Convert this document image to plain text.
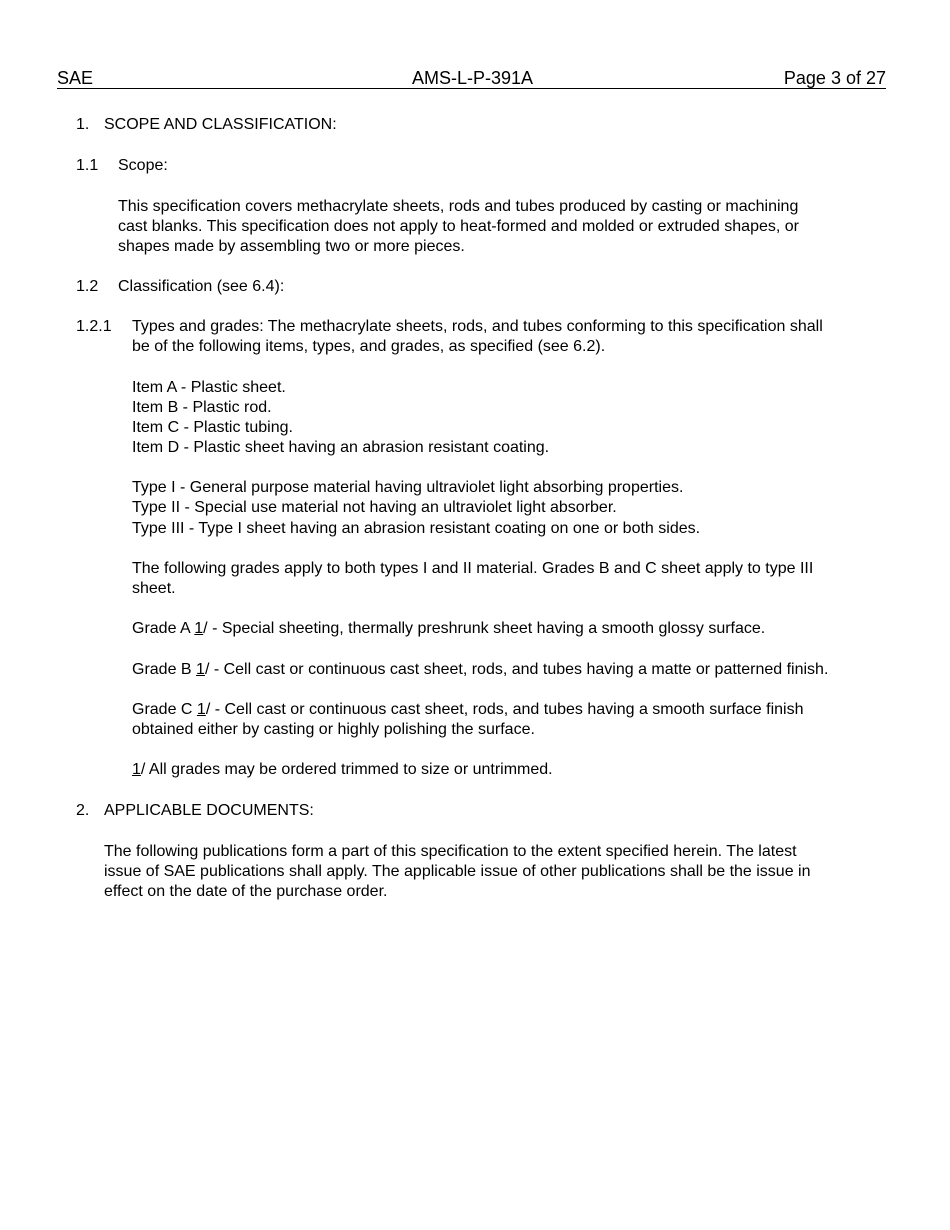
SAE	AMS-L-P-391A	Page 3 of 27
1. SCOPE AND CLASSIFICATION:
1.1 Scope:
This specification covers methacrylate sheets, rods and tubes produced by casting or machining
cast blanks. This specification does not apply to heat-formed and molded or extruded shapes, or
shapes made by assembling two or more pieces.
1.2 Classification (see 6.4):
1.2.1 Types and grades: The methacrylate sheets, rods, and tubes conforming to this specification shall
be of the following items, types, and grades, as specified (see 6.2).
Item A - Plastic sheet.
Item B - Plastic rod.
Item C - Plastic tubing.
Item D - Plastic sheet having an abrasion resistant coating.
Type I - General purpose material having ultraviolet light absorbing properties.
Type II - Special use material not having an ultraviolet light absorber.
Type III - Type I sheet having an abrasion resistant coating on one or both sides.
The following grades apply to both types I and II material. Grades B and C sheet apply to type III
sheet.
Grade A 1/ - Special sheeting, thermally preshrunk sheet having a smooth glossy surface.
Grade B 1/ - Cell cast or continuous cast sheet, rods, and tubes having a matte or patterned finish.
Grade C 1/ - Cell cast or continuous cast sheet, rods, and tubes having a smooth surface finish
obtained either by casting or highly polishing the surface.
1/ All grades may be ordered trimmed to size or untrimmed.
2. APPLICABLE DOCUMENTS:
The following publications form a part of this specification to the extent specified herein. The latest
issue of SAE publications shall apply. The applicable issue of other publications shall be the issue in
effect on the date of the purchase order.
